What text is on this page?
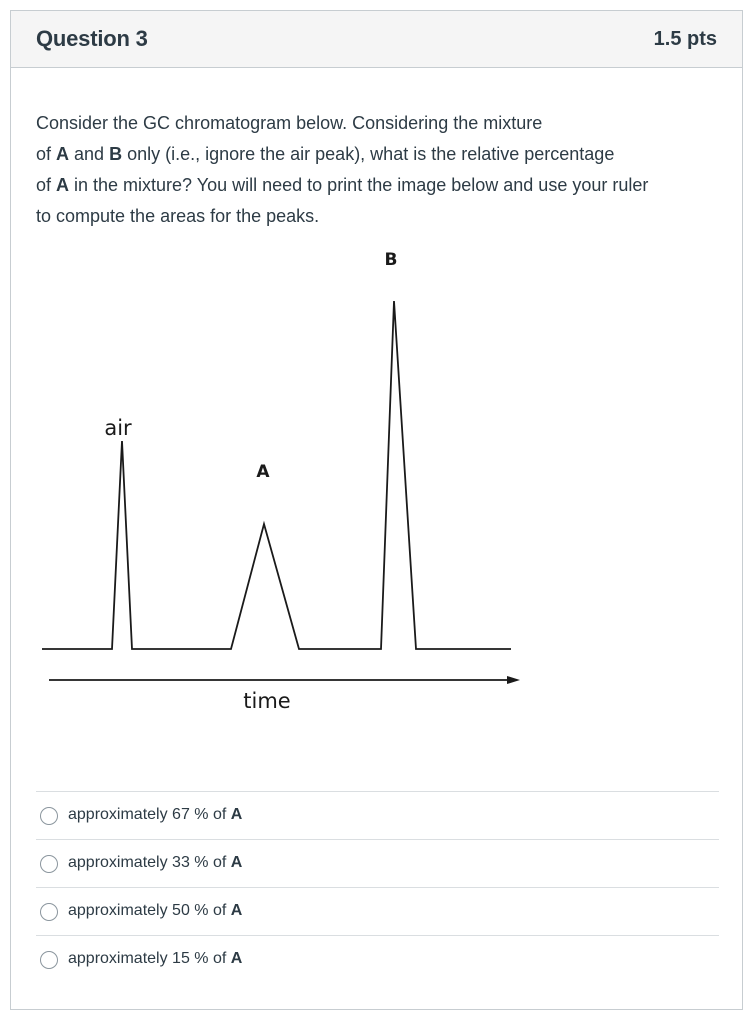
Question 3	1.5 pts
Consider the GC chromatogram below. Considering the mixture
of A and B only (i.e., ignore the air peak), what is the relative percentage
of A in the mixture? You will need to print the image below and use your ruler
to compute the areas for the peaks.
air
A
B
time
approximately 67 % of A
approximately 33 % of A
approximately 50 % of A
approximately 15 % of A
